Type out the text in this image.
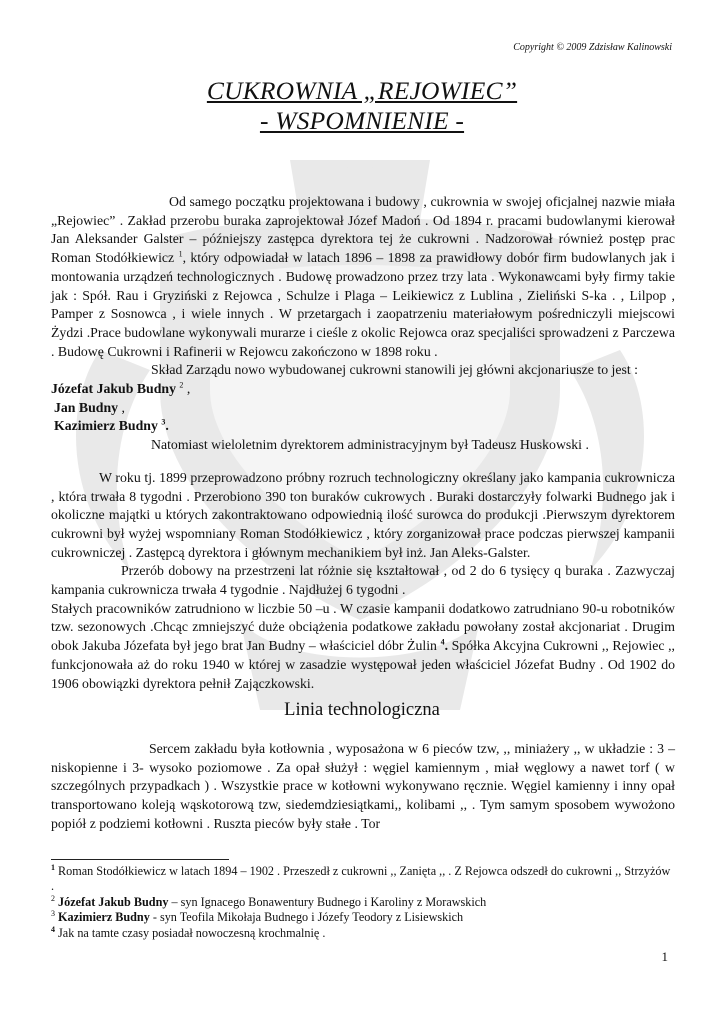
Copyright © 2009 Zdzisław Kalinowski
CUKROWNIA „REJOWIEC”
- WSPOMNIENIE -

Od samego początku projektowana i budowy , cukrownia w swojej oficjalnej nazwie miała „Rejowiec” . Zakład przerobu buraka zaprojektował Józef Madoń . Od 1894 r. pracami budowlanymi kierował Jan Aleksander Galster – późniejszy zastępca dyrektora tej że cukrowni . Nadzorował również postęp prac Roman Stodółkiewicz $^1$, który odpowiadał w latach 1896 – 1898 za prawidłowy dobór firm budowlanych jak i montowania urządzeń technologicznych . Budowę prowadzono przez trzy lata . Wykonawcami były firmy takie jak : Spół. Rau i Gryziński z Rejowca , Schulze i Plaga – Leikiewicz z Lublina , Zieliński S-ka . , Lilpop , Pamper z Sosnowca , i wiele innych . W przetargach i zaopatrzeniu materiałowym pośredniczyli miejscowi Żydzi .Prace budowlane wykonywali murarze i cieśle z okolic Rejowca oraz specjaliści sprowadzeni z Parczewa . Budowę Cukrowni i Rafinerii w Rejowcu zakończono w 1898 roku .

Skład Zarządu nowo wybudowanej cukrowni stanowili jej główni akcjonariusze to jest :

Józefat Jakub Budny $^2$ ,

Jan Budny ,

Kazimierz Budny $^3$.

Natomiast wieloletnim dyrektorem administracyjnym był Tadeusz Huskowski .

W roku tj. 1899 przeprowadzono próbny rozruch technologiczny określany jako kampania cukrownicza , która trwała 8 tygodni . Przerobiono 390 ton buraków cukrowych . Buraki dostarczyły folwarki Budnego jak i okoliczne majątki u których zakontraktowano odpowiednią ilość surowca do produkcji .Pierwszym dyrektorem cukrowni był wyżej wspomniany Roman Stodółkiewicz , który zorganizował prace podczas pierwszej kampanii cukrowniczej . Zastępcą dyrektora i głównym mechanikiem był inż. Jan Aleks-Galster.

Przerób dobowy na przestrzeni lat różnie się kształtował , od 2 do 6 tysięcy q buraka . Zazwyczaj kampania cukrownicza trwała 4 tygodnie . Najdłużej 6 tygodni .

Stałych pracowników zatrudniono w liczbie 50 –u . W czasie kampanii dodatkowo zatrudniano 90-u robotników tzw. sezonowych .Chcąc zmniejszyć duże obciążenia podatkowe zakładu powołany został akcjonariat . Drugim obok Jakuba Józefata był jego brat Jan Budny – właściciel dóbr Żulin $^4$. Spółka Akcyjna Cukrowni ,, Rejowiec ,, funkcjonowała aż do roku 1940 w której w zasadzie występował jeden właściciel Józefat Budny . Od 1902 do 1906 obowiązki dyrektora pełnił Zajączkowski.

Linia technologiczna

Sercem zakładu była kotłownia , wyposażona w 6 pieców tzw, ,, miniażery ,, w układzie : 3 – niskopienne i 3- wysoko poziomowe . Za opał służył : węgiel kamiennym , miał węglowy a nawet torf ( w szczególnych przypadkach ) . Wszystkie prace w kotłowni wykonywano ręcznie. Węgiel kamienny i inny opał transportowano koleją wąskotorową tzw, siedemdziesiątkami,, kolibami ,, . Tym samym sposobem wywożono popiół z podziemi kotłowni . Ruszta pieców były stałe . Tor

$^1$ Roman Stodółkiewicz w latach 1894 – 1902 . Przeszedł z cukrowni ,, Zanięta ,, . Z Rejowca odszedł do cukrowni ,, Strzyżów .

$^2$ Józefat Jakub Budny – syn Ignacego Bonawentury Budnego i Karoliny z Morawskich

$^3$ Kazimierz Budny - syn Teofila Mikołaja Budnego i Józefy Teodory z Lisiewskich

$^4$ Jak na tamte czasy posiadał nowoczesną krochmalnię .

1
